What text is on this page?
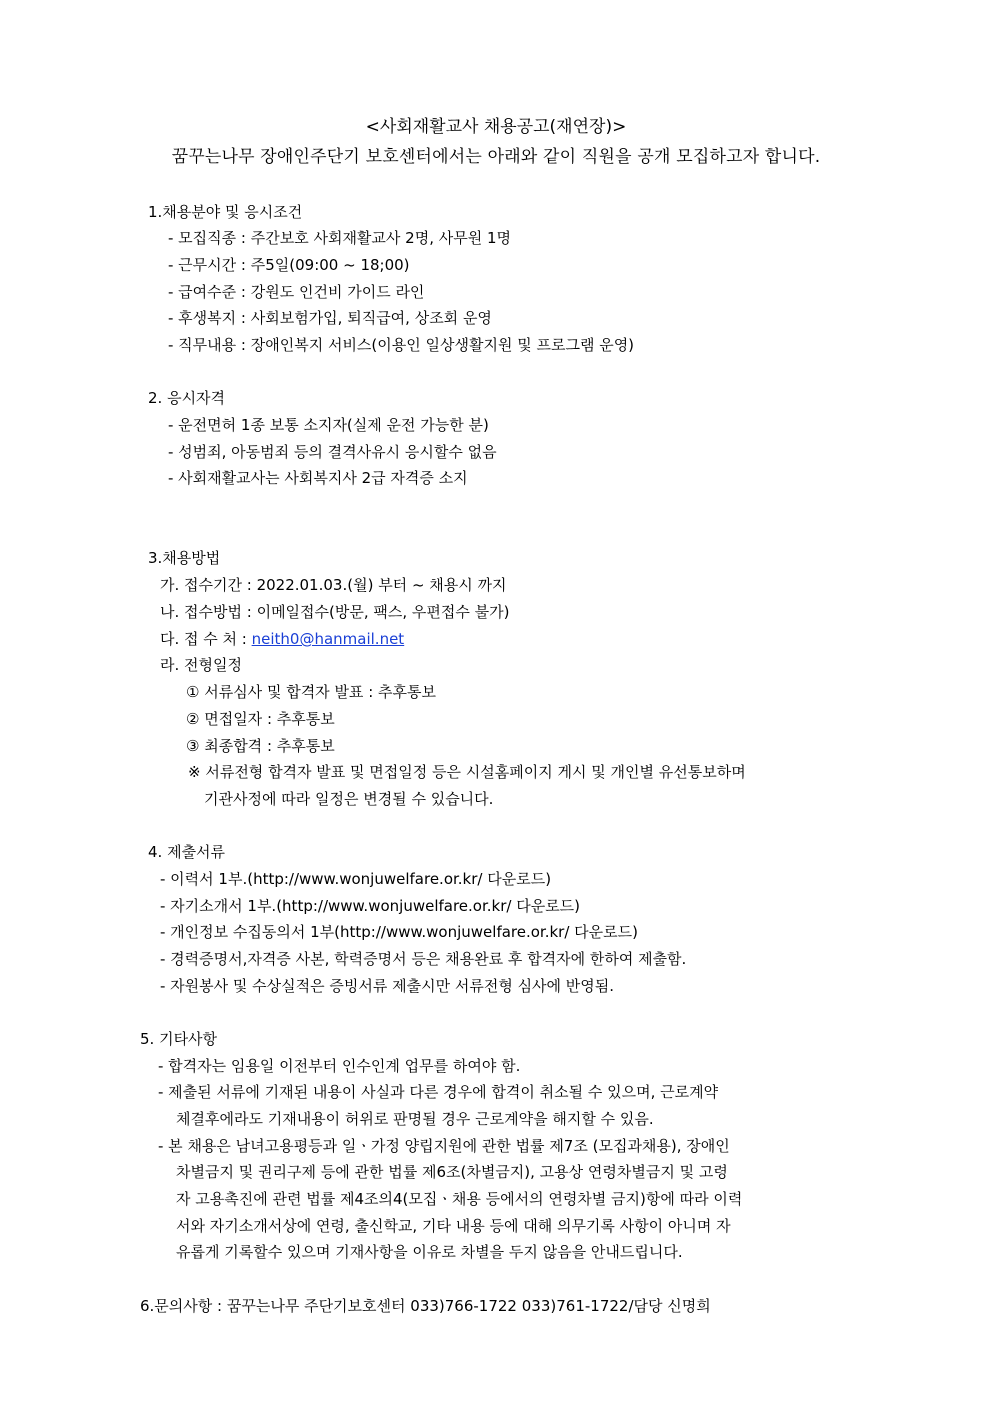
<사회재활교사 채용공고(재연장)>
꿈꾸는나무 장애인주단기 보호센터에서는 아래와 같이 직원을 공개 모집하고자 합니다.
1.채용분야 및 응시조건
- 모집직종 : 주간보호 사회재활교사 2명, 사무원 1명
- 근무시간 : 주5일(09:00 ~ 18;00)
- 급여수준 : 강원도 인건비 가이드 라인
- 후생복지 : 사회보험가입, 퇴직급여, 상조회 운영
- 직무내용 : 장애인복지 서비스(이용인 일상생활지원 및 프로그램 운영)
2. 응시자격
- 운전면허 1종 보통 소지자(실제 운전 가능한 분)
- 성범죄, 아동범죄 등의 결격사유시 응시할수 없음
- 사회재활교사는 사회복지사 2급 자격증 소지
3.채용방법
가. 접수기간 : 2022.01.03.(월) 부터 ~ 채용시 까지
나. 접수방법 : 이메일접수(방문, 팩스, 우편접수 불가)
다. 접 수 처 : neith0@hanmail.net
라. 전형일정
① 서류심사 및 합격자 발표 : 추후통보
② 면접일자 : 추후통보
③ 최종합격 : 추후통보
※ 서류전형 합격자 발표 및 면접일정 등은 시설홈페이지 게시 및 개인별 유선통보하며
기관사정에 따라 일정은 변경될 수 있습니다.
4. 제출서류
- 이력서 1부.(http://www.wonjuwelfare.or.kr/ 다운로드)
- 자기소개서 1부.(http://www.wonjuwelfare.or.kr/ 다운로드)
- 개인정보 수집동의서 1부(http://www.wonjuwelfare.or.kr/ 다운로드)
- 경력증명서,자격증 사본, 학력증명서 등은 채용완료 후 합격자에 한하여 제출함.
- 자원봉사 및 수상실적은 증빙서류 제출시만 서류전형 심사에 반영됨.
5. 기타사항
- 합격자는 임용일 이전부터 인수인계 업무를 하여야 함.
- 제출된 서류에 기재된 내용이 사실과 다른 경우에 합격이 취소될 수 있으며, 근로계약
체결후에라도 기재내용이 허위로 판명될 경우 근로계약을 해지할 수 있음.
- 본 채용은 남녀고용평등과 일ㆍ가정 양립지원에 관한 법률 제7조 (모집과채용), 장애인
차별금지 및 권리구제 등에 관한 법률 제6조(차별금지), 고용상 연령차별금지 및 고령
자 고용촉진에 관련 법률 제4조의4(모집ㆍ채용 등에서의 연령차별 금지)항에 따라 이력
서와 자기소개서상에 연령, 출신학교, 기타 내용 등에 대해 의무기록 사항이 아니며 자
유롭게 기록할수 있으며 기재사항을 이유로 차별을 두지 않음을 안내드립니다.
6.문의사항 : 꿈꾸는나무 주단기보호센터 033)766-1722 033)761-1722/담당 신명희
